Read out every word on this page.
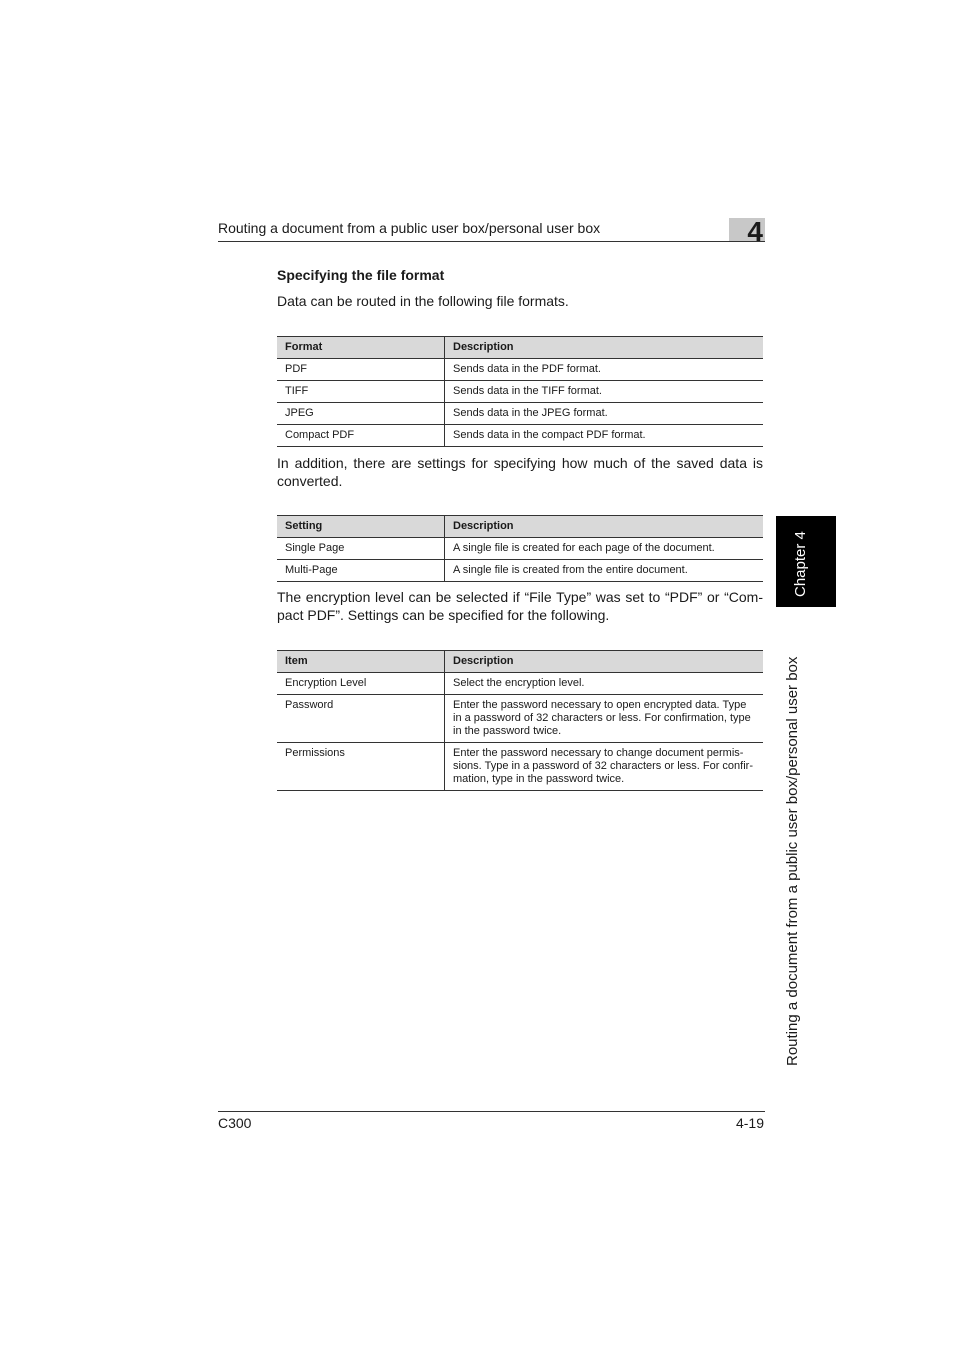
Routing a document from a public user box/personal user box	4
Specifying the file format
Data can be routed in the following file formats.
Format	Description
PDF	Sends data in the PDF format.
TIFF	Sends data in the TIFF format.
JPEG	Sends data in the JPEG format.
Compact PDF	Sends data in the compact PDF format.
In addition, there are settings for specifying how much of the saved data is converted.
Setting	Description
Single Page	A single file is created for each page of the document.
Multi-Page	A single file is created from the entire document.
The encryption level can be selected if “File Type” was set to “PDF” or “Com-pact PDF”. Settings can be specified for the following.
Item	Description
Encryption Level	Select the encryption level.
Password	Enter the password necessary to open encrypted data. Type in a password of 32 characters or less. For confirmation, type in the password twice.
Permissions	Enter the password necessary to change document permis-sions. Type in a password of 32 characters or less. For confir-mation, type in the password twice.
Chapter 4
Routing a document from a public user box/personal user box
C300	4-19
